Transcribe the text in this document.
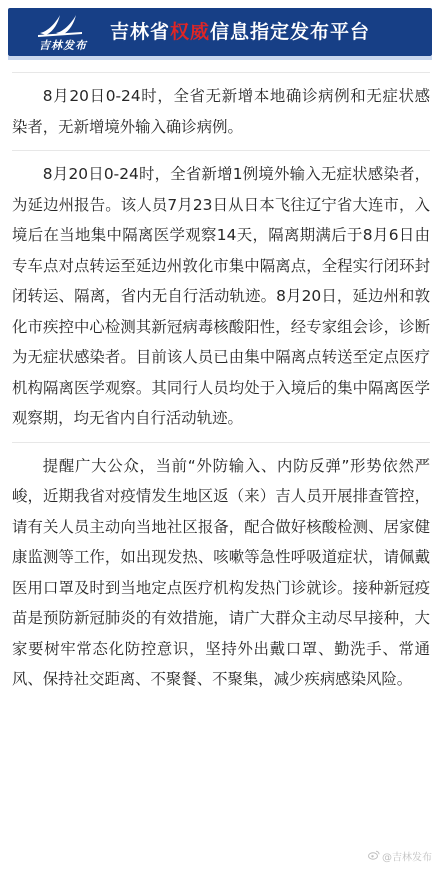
吉林发布
吉林省权威信息指定发布平台

8月20日0-24时，全省无新增本地确诊病例和无症状感染者，无新增境外输入确诊病例。

8月20日0-24时，全省新增1例境外输入无症状感染者，为延边州报告。该人员7月23日从日本飞往辽宁省大连市，入境后在当地集中隔离医学观察14天，隔离期满后于8月6日由专车点对点转运至延边州敦化市集中隔离点，全程实行闭环封闭转运、隔离，省内无自行活动轨迹。8月20日，延边州和敦化市疾控中心检测其新冠病毒核酸阳性，经专家组会诊，诊断为无症状感染者。目前该人员已由集中隔离点转送至定点医疗机构隔离医学观察。其同行人员均处于入境后的集中隔离医学观察期，均无省内自行活动轨迹。

提醒广大公众，当前“外防输入、内防反弹”形势依然严峻，近期我省对疫情发生地区返（来）吉人员开展排查管控，请有关人员主动向当地社区报备，配合做好核酸检测、居家健康监测等工作，如出现发热、咳嗽等急性呼吸道症状，请佩戴医用口罩及时到当地定点医疗机构发热门诊就诊。接种新冠疫苗是预防新冠肺炎的有效措施，请广大群众主动尽早接种，大家要树牢常态化防控意识，坚持外出戴口罩、勤洗手、常通风、保持社交距离、不聚餐、不聚集，减少疾病感染风险。

@吉林发布
